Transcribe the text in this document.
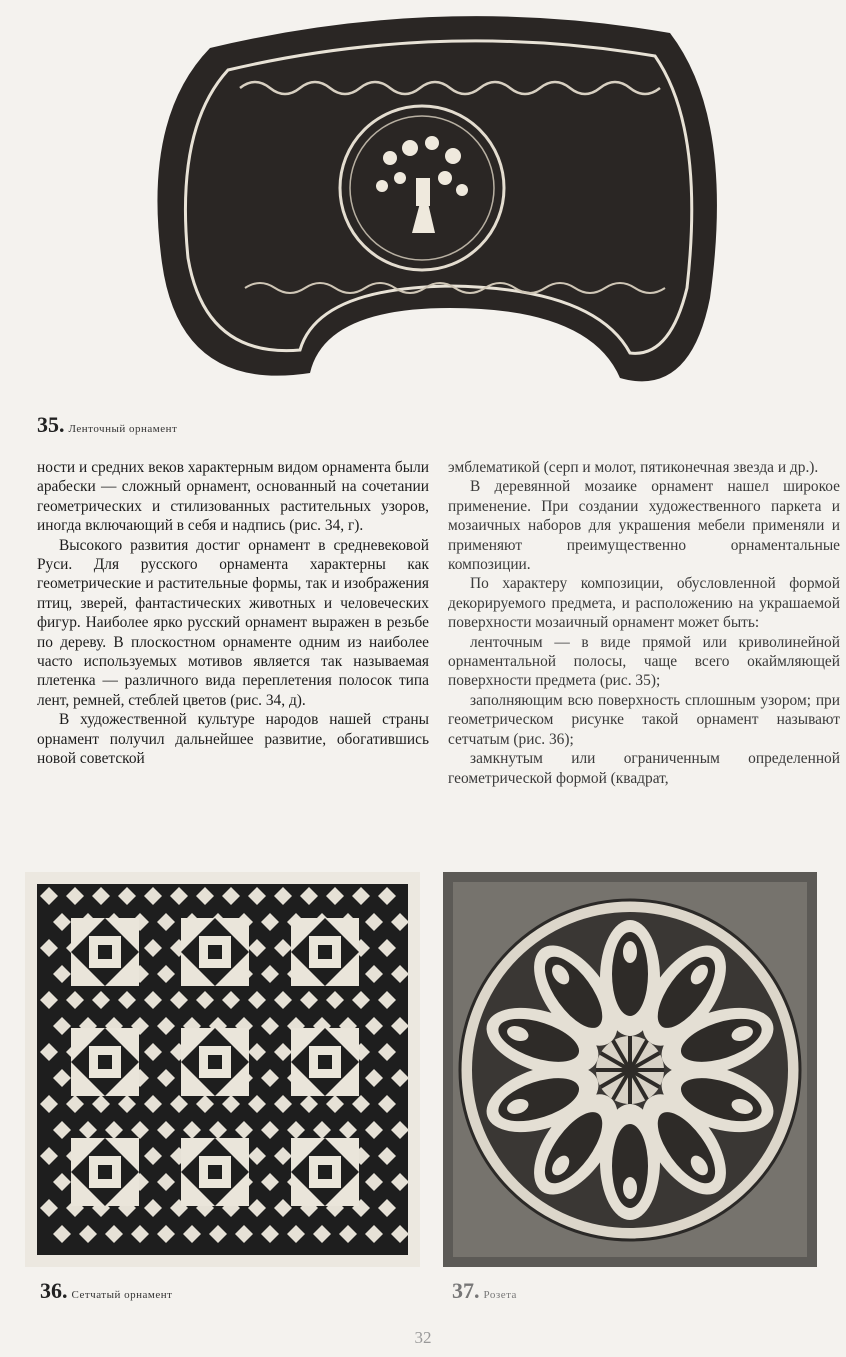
35. Ленточный орнамент

ности и средних веков характерным видом орнамента были арабески — сложный орнамент, основанный на сочетании геометрических и стилизованных растительных узоров, иногда включающий в себя и надпись (рис. 34, г).

Высокого развития достиг орнамент в средневековой Руси. Для русского орнамента характерны как геометрические и растительные формы, так и изображения птиц, зверей, фантастических животных и человеческих фигур. Наиболее ярко русский орнамент выражен в резьбе по дереву. В плоскостном орнаменте одним из наиболее часто используемых мотивов является так называемая плетенка — различного вида переплетения полосок типа лент, ремней, стеблей цветов (рис. 34, д).

В художественной культуре народов нашей страны орнамент получил дальнейшее развитие, обогатившись новой советской

эмблематикой (серп и молот, пятиконечная звезда и др.).

В деревянной мозаике орнамент нашел широкое применение. При создании художественного паркета и мозаичных наборов для украшения мебели применяли и применяют преимущественно орнаментальные композиции.

По характеру композиции, обусловленной формой декорируемого предмета, и расположению на украшаемой поверхности мозаичный орнамент может быть:

ленточным — в виде прямой или криволинейной орнаментальной полосы, чаще всего окаймляющей поверхности предмета (рис. 35);

заполняющим всю поверхность сплошным узором; при геометрическом рисунке такой орнамент называют сетчатым (рис. 36);

замкнутым или ограниченным определенной геометрической формой (квадрат,

36. Сетчатый орнамент	37. Розета
32
